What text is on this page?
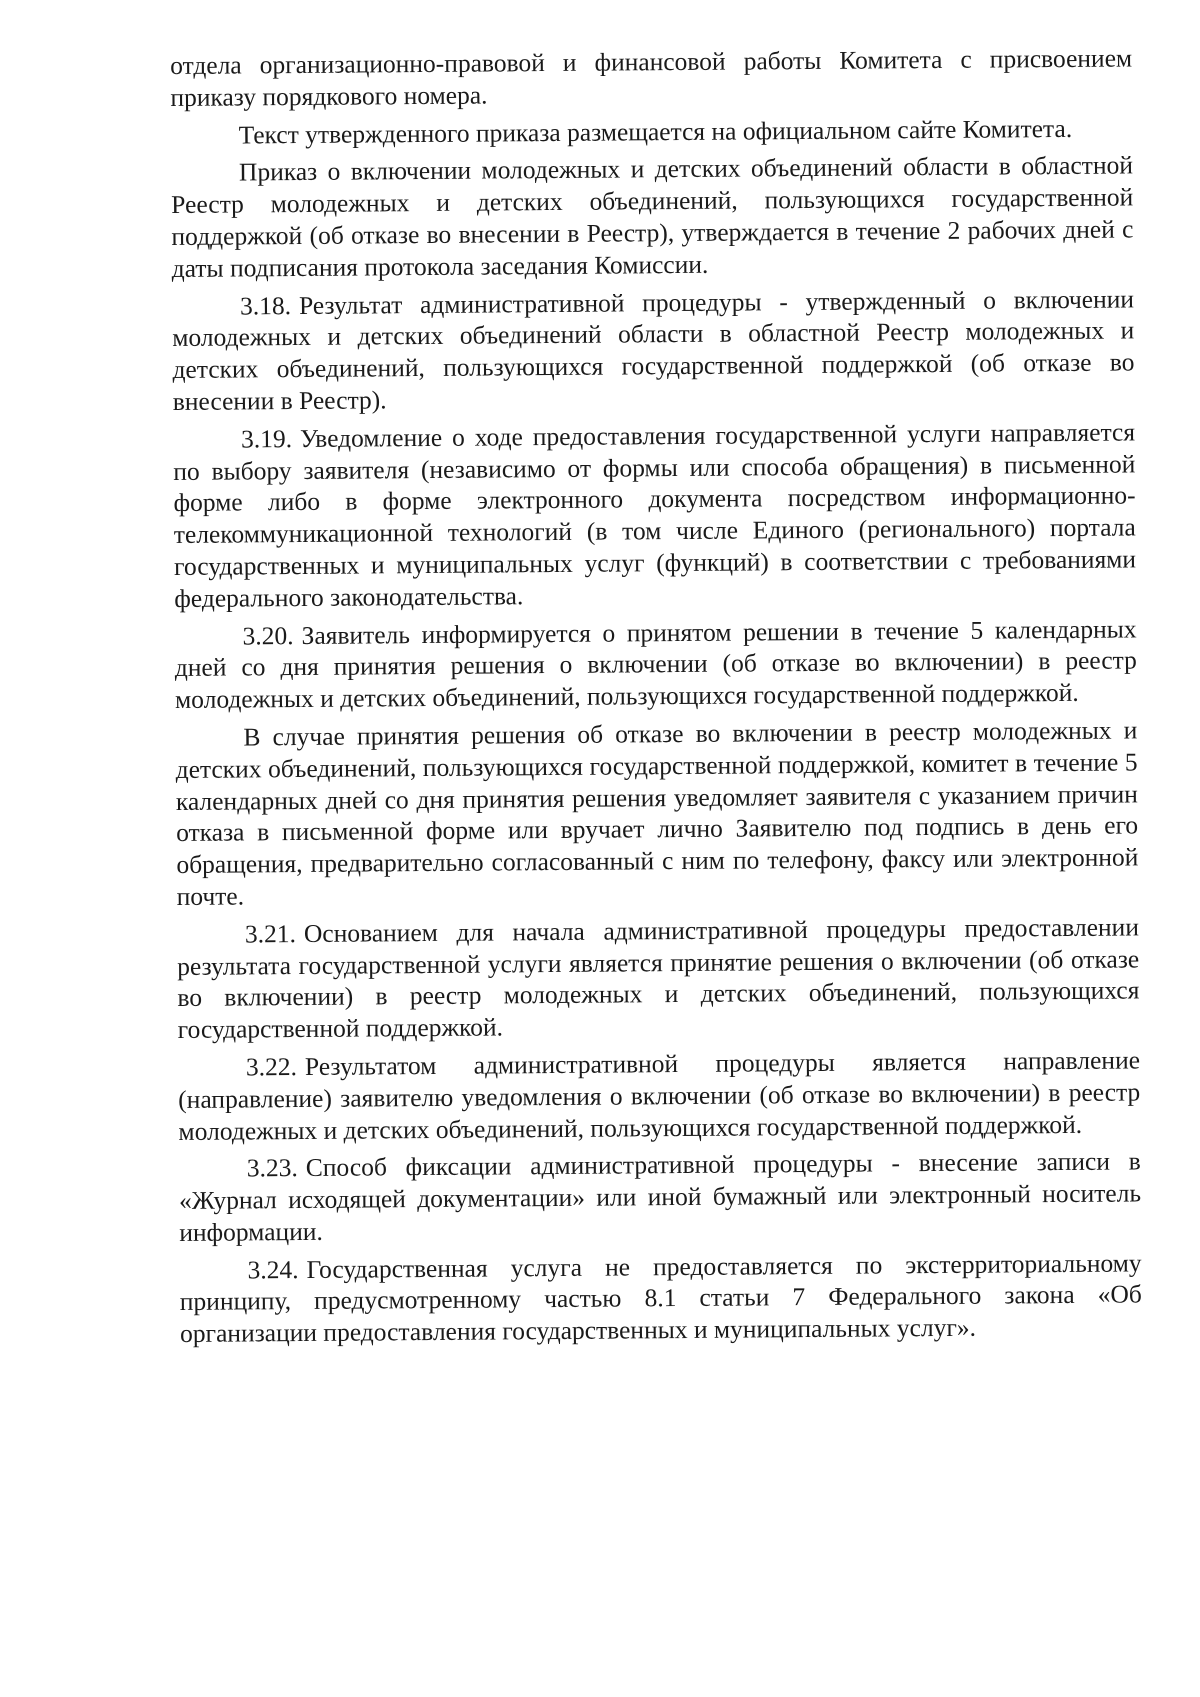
отдела организационно-правовой и финансовой работы Комитета с присвоением приказу порядкового номера.

Текст утвержденного приказа размещается на официальном сайте Комитета.

Приказ о включении молодежных и детских объединений области в областной Реестр молодежных и детских объединений, пользующихся государственной поддержкой (об отказе во внесении в Реестр), утверждается в течение 2 рабочих дней с даты подписания протокола заседания Комиссии.

3.18. Результат административной процедуры - утвержденный о включении молодежных и детских объединений области в областной Реестр молодежных и детских объединений, пользующихся государственной поддержкой (об отказе во внесении в Реестр).

3.19. Уведомление о ходе предоставления государственной услуги направляется по выбору заявителя (независимо от формы или способа обращения) в письменной форме либо в форме электронного документа посредством информационно-телекоммуникационной технологий (в том числе Единого (регионального) портала государственных и муниципальных услуг (функций) в соответствии с требованиями федерального законодательства.

3.20. Заявитель информируется о принятом решении в течение 5 календарных дней со дня принятия решения о включении (об отказе во включении) в реестр молодежных и детских объединений, пользующихся государственной поддержкой.

В случае принятия решения об отказе во включении в реестр молодежных и детских объединений, пользующихся государственной поддержкой, комитет в течение 5 календарных дней со дня принятия решения уведомляет заявителя с указанием причин отказа в письменной форме или вручает лично Заявителю под подпись в день его обращения, предварительно согласованный с ним по телефону, факсу или электронной почте.

3.21. Основанием для начала административной процедуры предоставлении результата государственной услуги является принятие решения о включении (об отказе во включении) в реестр молодежных и детских объединений, пользующихся государственной поддержкой.

3.22. Результатом административной процедуры является направление (направление) заявителю уведомления о включении (об отказе во включении) в реестр молодежных и детских объединений, пользующихся государственной поддержкой.

3.23. Способ фиксации административной процедуры - внесение записи в «Журнал исходящей документации» или иной бумажный или электронный носитель информации.

3.24. Государственная услуга не предоставляется по экстерриториальному принципу, предусмотренному частью 8.1 статьи 7 Федерального закона «Об организации предоставления государственных и муниципальных услуг».
